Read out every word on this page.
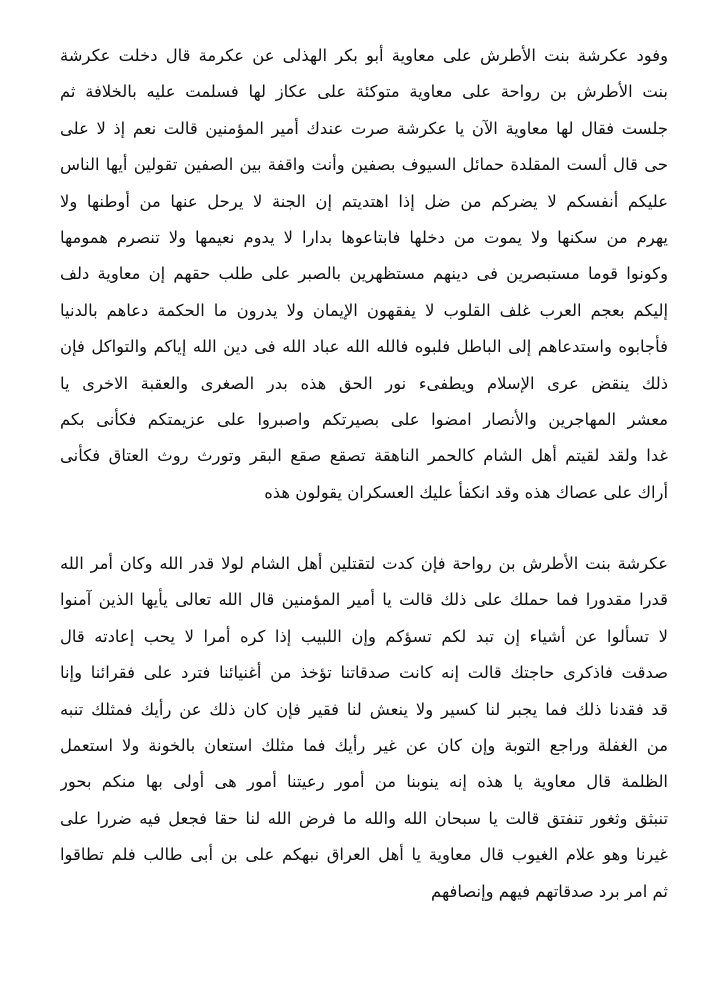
وفود عكرشة بنت الأطرش على معاوية أبو بكر الهذلى عن عكرمة قال دخلت عكرشة
بنت الأطرش بن رواحة على معاوية متوكئة على عكاز لها فسلمت عليه بالخلافة ثم
جلست فقال لها معاوية الآن يا عكرشة صرت عندك أمير المؤمنين قالت نعم إذ لا على
حى قال ألست المقلدة حمائل السيوف بصفين وأنت واقفة بين الصفين تقولين أيها الناس
عليكم أنفسكم لا يضركم من ضل إذا اهتديتم إن الجنة لا يرحل عنها من أوطنها ولا
يهرم من سكنها ولا يموت من دخلها فابتاعوها بدارا لا يدوم نعيمها ولا تنصرم همومها
وكونوا قوما مستبصرين فى دينهم مستظهرين بالصبر على طلب حقهم إن معاوية دلف
إليكم بعجم العرب غلف القلوب لا يفقهون الإيمان ولا يدرون ما الحكمة دعاهم بالدنيا
فأجابوه واستدعاهم إلى الباطل فلبوه فالله الله عباد الله فى دين الله إياكم والتواكل فإن
ذلك ينقض عرى الإسلام ويطفىء نور الحق هذه بدر الصغرى والعقبة الاخرى يا
معشر المهاجرين والأنصار امضوا على بصيرتكم واصبروا على عزيمتكم فكأنى بكم
غدا ولقد لقيتم أهل الشام كالحمر الناهقة تصقع صقع البقر وتورث روث العتاق فكأنى
أراك على عصاك هذه وقد انكفأ عليك العسكران يقولون هذه
عكرشة بنت الأطرش بن رواحة فإن كدت لتقتلين أهل الشام لولا قدر الله وكان أمر الله
قدرا مقدورا فما حملك على ذلك قالت يا أمير المؤمنين قال الله تعالى يأيها الذين آمنوا
لا تسألوا عن أشياء إن تبد لكم تسؤكم وإن اللبيب إذا كره أمرا لا يحب إعادته قال
صدقت فاذكرى حاجتك قالت إنه كانت صدقاتنا تؤخذ من أغنيائنا فترد على فقرائنا وإنا
قد فقدنا ذلك فما يجبر لنا كسير ولا ينعش لنا فقير فإن كان ذلك عن رأيك فمثلك تنبه
من الغفلة وراجع التوبة وإن كان عن غير رأيك فما مثلك استعان بالخونة ولا استعمل
الظلمة قال معاوية يا هذه إنه ينوبنا من أمور رعيتنا أمور هى أولى بها منكم بحور
تنبثق وثغور تنفتق قالت يا سبحان الله والله ما فرض الله لنا حقا فجعل فيه ضررا على
غيرنا وهو علام الغيوب قال معاوية يا أهل العراق نبهكم على بن أبى طالب فلم تطاقوا
ثم امر برد صدقاتهم فيهم وإنصافهم
